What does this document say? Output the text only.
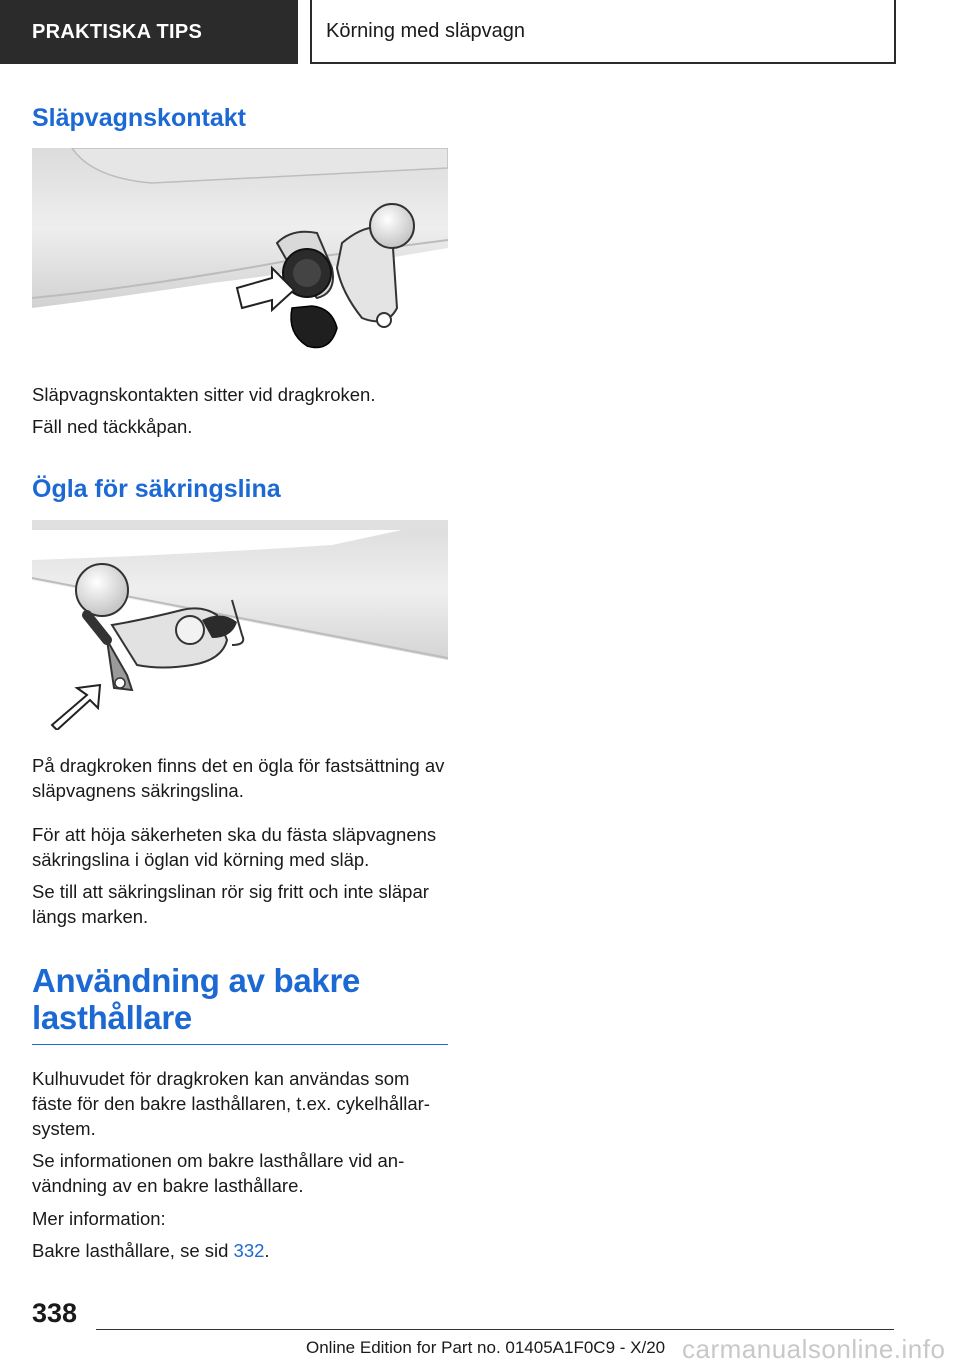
PRAKTISKA TIPS	Körning med släpvagn
Släpvagnskontakt

Släpvagnskontakten sitter vid dragkroken.

Fäll ned täckkåpan.

Ögla för säkringslina

På dragkroken finns det en ögla för fastsättning av släpvagnens säkringslina.

För att höja säkerheten ska du fästa släpvagnens säkringslina i öglan vid körning med släp.

Se till att säkringslinan rör sig fritt och inte släpar längs marken.

Användning av bakre
lasthållare

Kulhuvudet för dragkroken kan användas som fäste för den bakre lasthållaren, t.ex. cykelhållar-system.

Se informationen om bakre lasthållare vid an-vändning av en bakre lasthållare.

Mer information:

Bakre lasthållare, se sid 332.

338
Online Edition for Part no. 01405A1F0C9 - X/20 carmanualsonline.info
